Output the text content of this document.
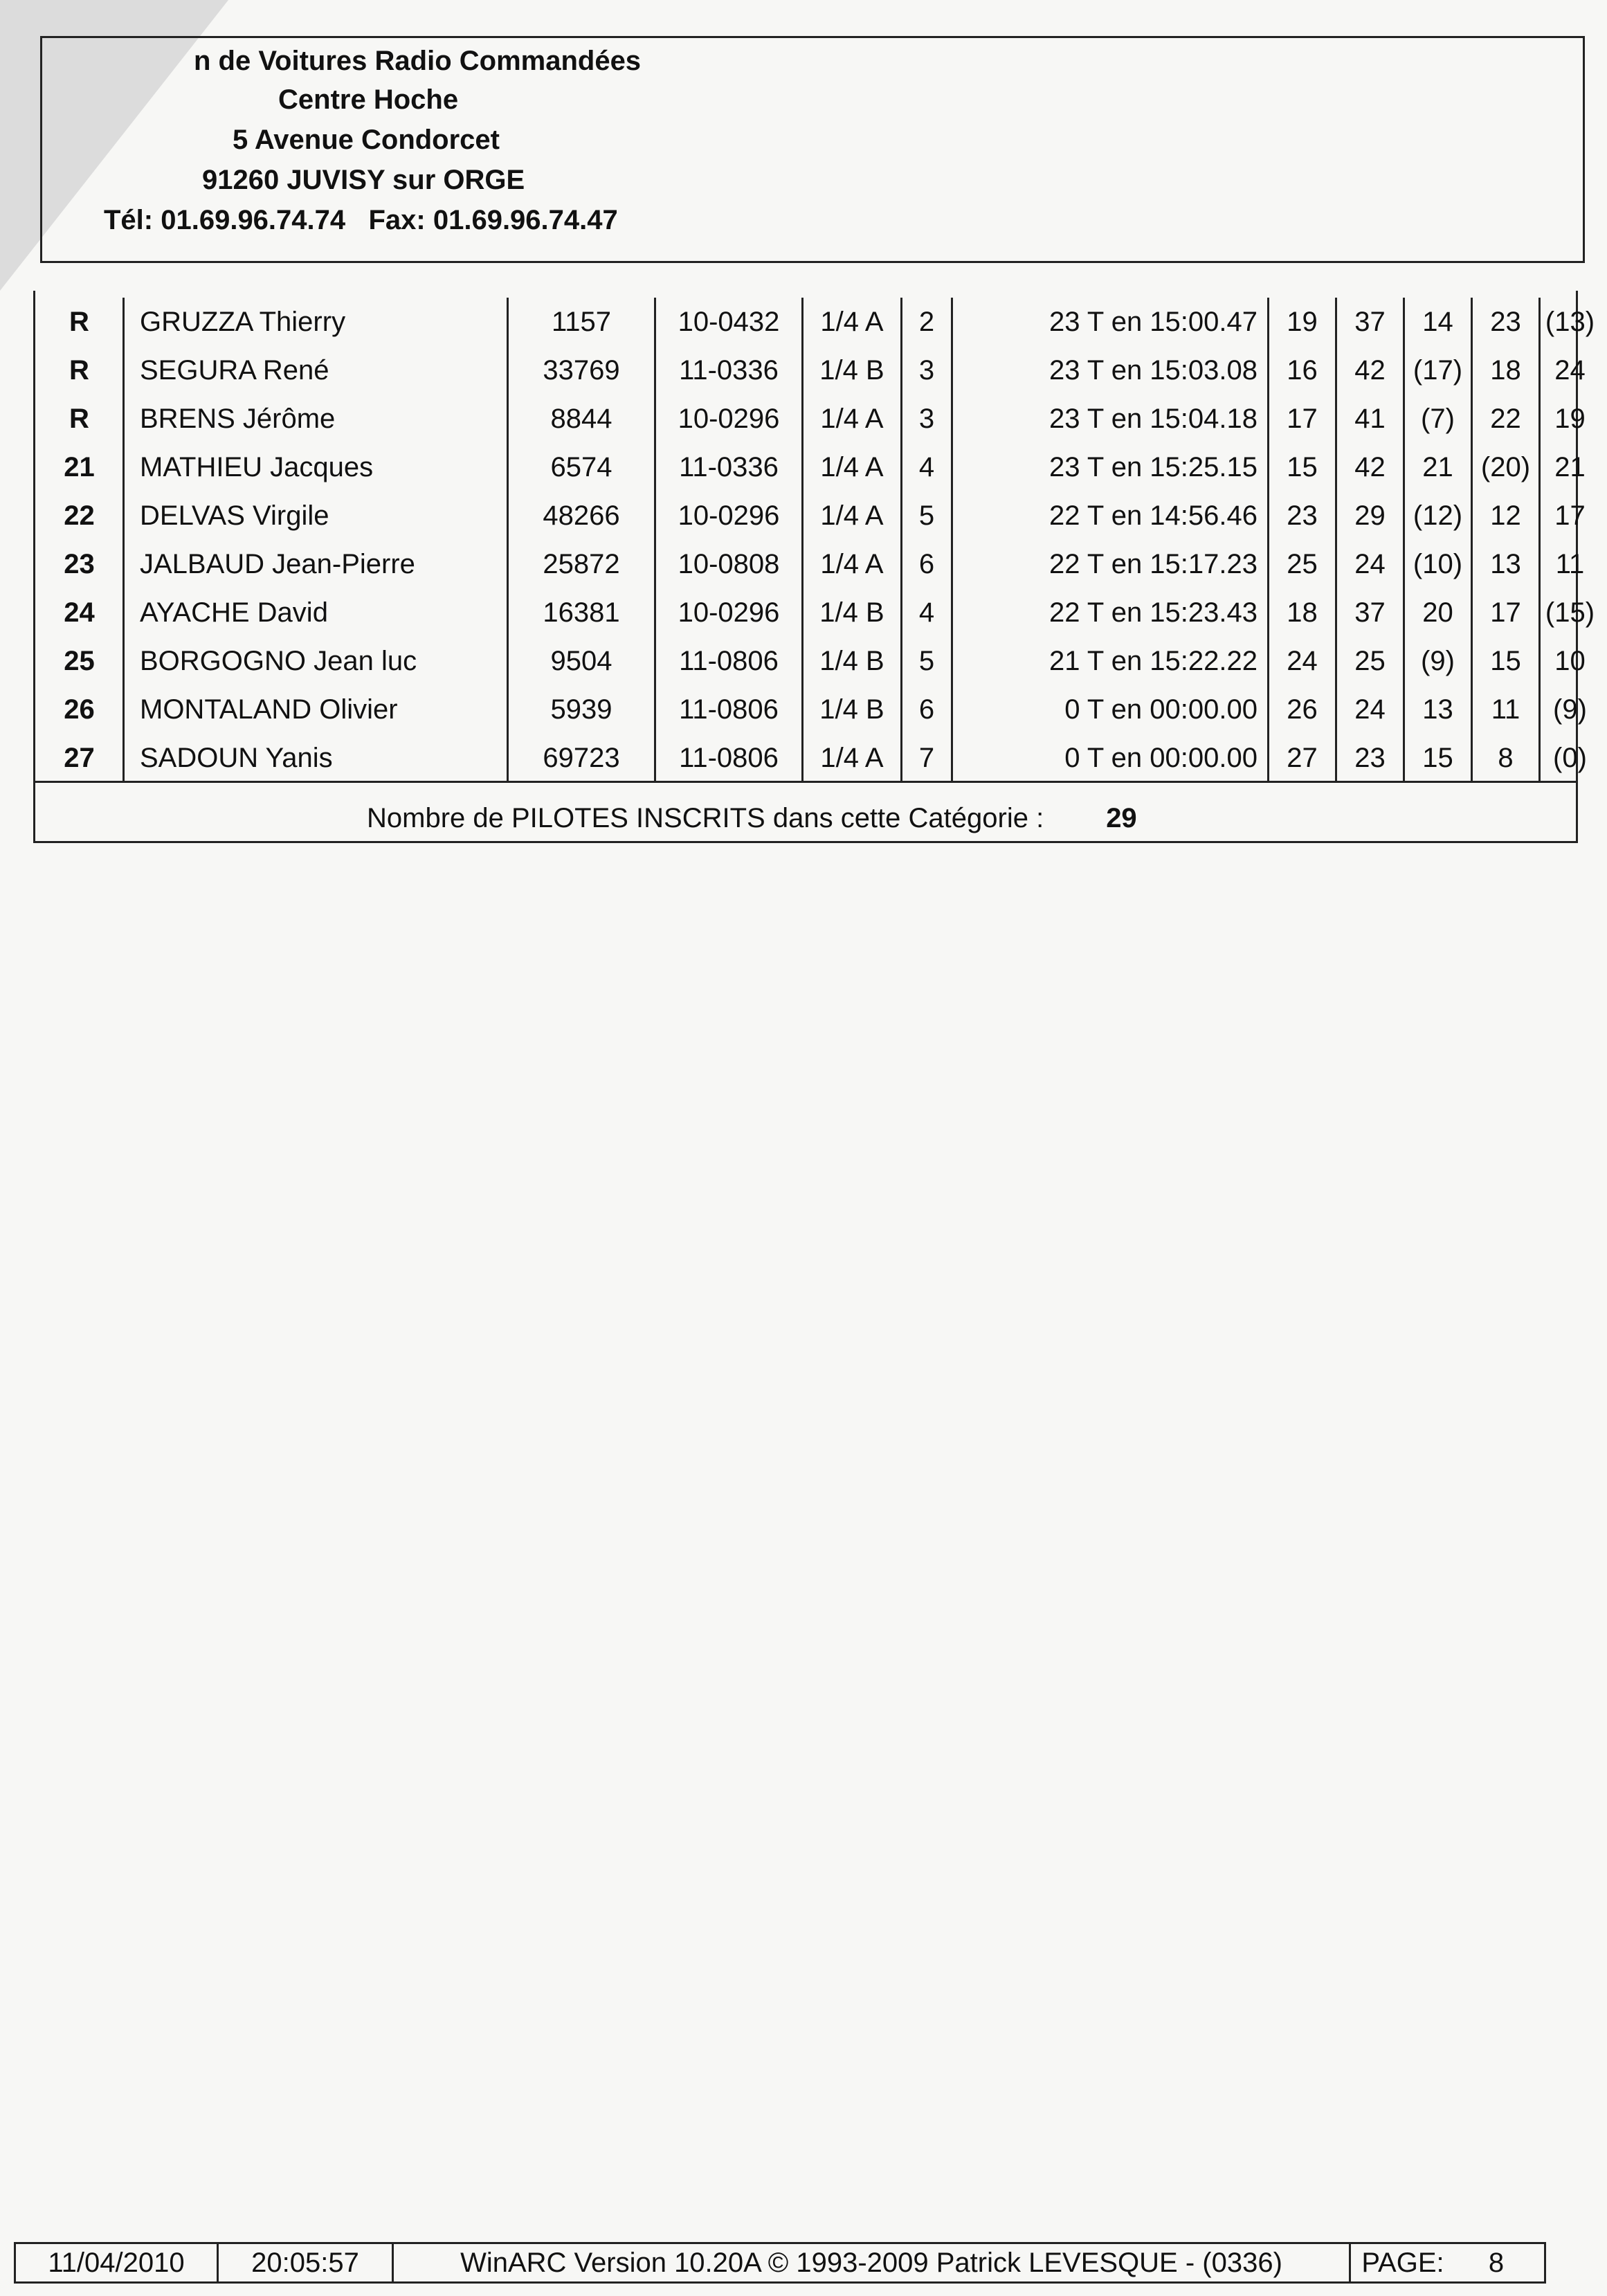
n de Voitures Radio Commandées
Centre Hoche
5 Avenue Condorcet
91260 JUVISY sur ORGE
Tél: 01.69.96.74.74   Fax: 01.69.96.74.47
R	GRUZZA Thierry	1157	10-0432	1/4 A	2	23 T en 15:00.47	19	37	14	23	(13)
R	SEGURA René	33769	11-0336	1/4 B	3	23 T en 15:03.08	16	42	(17)	18	24
R	BRENS Jérôme	8844	10-0296	1/4 A	3	23 T en 15:04.18	17	41	(7)	22	19
21	MATHIEU Jacques	6574	11-0336	1/4 A	4	23 T en 15:25.15	15	42	21	(20)	21
22	DELVAS Virgile	48266	10-0296	1/4 A	5	22 T en 14:56.46	23	29	(12)	12	17
23	JALBAUD Jean-Pierre	25872	10-0808	1/4 A	6	22 T en 15:17.23	25	24	(10)	13	11
24	AYACHE David	16381	10-0296	1/4 B	4	22 T en 15:23.43	18	37	20	17	(15)
25	BORGOGNO Jean luc	9504	11-0806	1/4 B	5	21 T en 15:22.22	24	25	(9)	15	10
26	MONTALAND Olivier	5939	11-0806	1/4 B	6	0 T en 00:00.00	26	24	13	11	(9)
27	SADOUN Yanis	69723	11-0806	1/4 A	7	0 T en 00:00.00	27	23	15	8	(0)
Nombre de PILOTES INSCRITS dans cette Catégorie : 29
11/04/2010	20:05:57	WinARC Version 10.20A © 1993-2009 Patrick LEVESQUE - (0336)	PAGE:	8
